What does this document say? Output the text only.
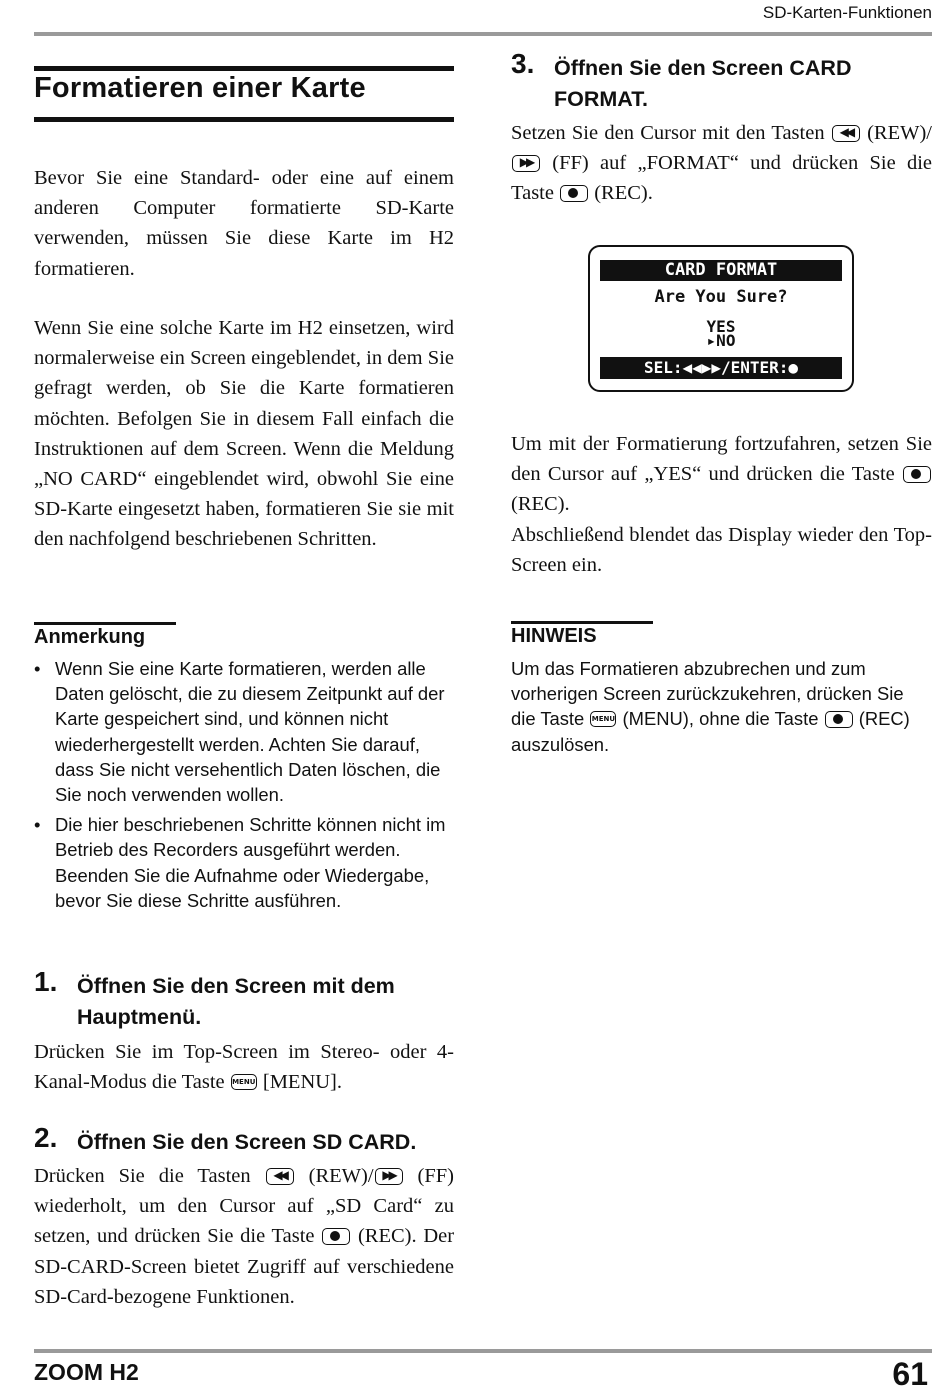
SD-Karten-Funktionen
Formatieren einer Karte

Bevor Sie eine Standard- oder eine auf einem anderen Computer formatierte SD-Karte verwenden, müssen Sie diese Karte im H2 formatieren.

Wenn Sie eine solche Karte im H2 einsetzen, wird normalerweise ein Screen eingeblendet, in dem Sie gefragt werden, ob Sie die Karte formatieren möchten. Befolgen Sie in diesem Fall einfach die Instruktionen auf dem Screen. Wenn die Meldung „NO CARD“ eingeblendet wird, obwohl Sie eine SD-Karte eingesetzt haben, formatieren Sie sie mit den nachfolgend beschriebenen Schritten.

Anmerkung
• Wenn Sie eine Karte formatieren, werden alle Daten gelöscht, die zu diesem Zeitpunkt auf der Karte gespeichert sind, und können nicht wiederhergestellt werden. Achten Sie darauf, dass Sie nicht versehentlich Daten löschen, die Sie noch verwenden wollen.
• Die hier beschriebenen Schritte können nicht im Betrieb des Recorders ausgeführt werden. Beenden Sie die Aufnahme oder Wiedergabe, bevor Sie diese Schritte ausführen.
1. Öffnen Sie den Screen mit dem Hauptmenü.

Drücken Sie im Top-Screen im Stereo- oder 4-Kanal-Modus die Taste MENU [MENU].

2. Öffnen Sie den Screen SD CARD.

Drücken Sie die Tasten	◀◀	(REW)/ ▶▶	(FF) wiederholt, um den Cursor auf „SD Card“ zu setzen, und drücken Sie die Taste (REC). Der SD-CARD-Screen bietet Zugriff auf verschiedene SD-Card-bezogene Funktionen.

3. Öffnen Sie den Screen CARD FORMAT.

Setzen Sie den Cursor mit den Tasten	◀◀ (REW)/
▶▶ (FF) auf „FORMAT“ und drücken Sie die Taste (REC).

Um mit der Formatierung fortzufahren, setzen Sie den Cursor auf „YES“ und drücken die Taste  (REC).

Abschließend blendet das Display wieder den Top-Screen ein.

HINWEIS

Um das Formatieren abzubrechen und zum vorherigen Screen zurückzukehren, drücken Sie die Taste MENU (MENU), ohne die Taste (REC) auszulösen.

CARD FORMAT
Are You Sure?
YES
▸NO
SEL:◀◀▶▶/ENTER:●
ZOOM H2	61
